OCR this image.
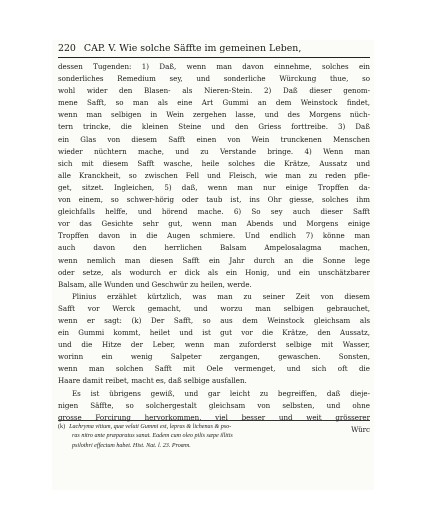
220 CAP. V. Wie solche Säffte im gemeinen Leben,
dessen Tugenden: 1) Daß, wenn man davon einnehme, solches ein
sonderliches Remedium sey, und sonderliche Würckung thue, so
wohl wider den Blasen- als Nieren-Stein. 2) Daß dieser genom-
mene Safft, so man als eine Art Gummi an dem Weinstock findet,
wenn man selbigen in Wein zergehen lasse, und des Morgens nüch-
tern trincke, die kleinen Steine und den Griess forttreibe. 3) Daß
ein Glas von diesem Safft einen von Wein trunckenen Menschen
wieder nüchtern mache, und zu Verstande bringe. 4) Wenn man
sich mit diesem Safft wasche, heile solches die Krätze, Aussatz und
alle Kranckheit, so zwischen Fell und Fleisch, wie man zu reden pfle-
get, sitzet. Ingleichen, 5) daß, wenn man nur einige Tropffen da-
von einem, so schwer-hörig oder taub ist, ins Ohr giesse, solches ihm
gleichfalls helffe, und hörend mache. 6) So sey auch dieser Safft
vor das Gesichte sehr gut, wenn man Abends und Morgens einige
Tropffen davon in die Augen schmiere. Und endlich 7) könne man
auch davon den herrlichen Balsam Ampelosalagma machen,
wenn nemlich man diesen Safft ein Jahr durch an die Sonne lege
oder setze, als wodurch er dick als ein Honig, und ein unschätzbarer
Balsam, alle Wunden und Geschwür zu heilen, werde.
Plinius erzählet kürtzlich, was man zu seiner Zeit von diesem
Safft vor Werck gemacht, und worzu man selbigen gebrauchet,
wenn er sagt: (k) Der Safft, so aus dem Weinstock gleichsam als
ein Gummi kommt, heilet und ist gut vor die Krätze, den Aussatz,
und die Hitze der Leber, wenn man zuforderst selbige mit Wasser,
worinn ein wenig Salpeter zergangen, gewaschen. Sonsten,
wenn man solchen Safft mit Oele vermenget, und sich oft die
Haare damit reibet, macht es, daß selbige ausfallen.
Es ist übrigens gewiß, und gar leicht zu begreiffen, daß dieje-
nigen Säffte, so solchergestalt gleichsam von selbsten, und ohne
grosse Forcirung hervorkommen, viel besser und weit grösserer
Würc
(k) Lachryma vitium, quæ veluti Gummi est, lepras & lichenas & pso-
ras nitro ante præparatus sanat. Eadem cum oleo pilis sæpe illitis
psilothri effectum habet. Hist. Nat. l. 23. Proœm.
